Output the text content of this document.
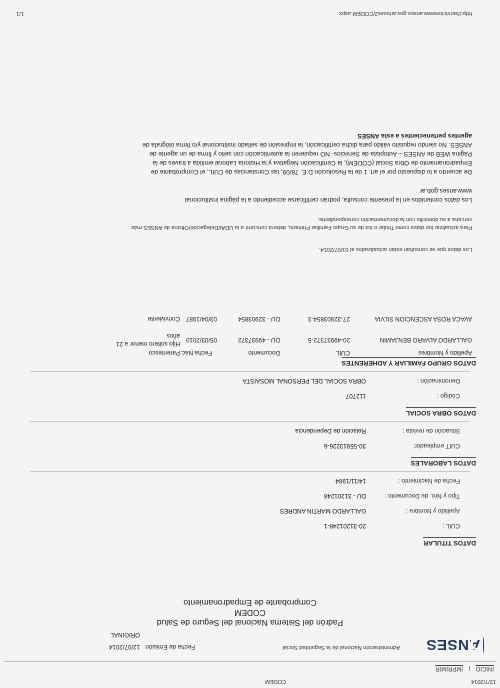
12/7/2014
CODEM
INICIO
|
IMPRIMIR
ANSES
Administración Nacional de la Seguridad Social
Fecha de Emisión
12/07/2014
ORIGINAL
Padrón del Sistema Nacional del Seguro de Salud
CODEM
Comprobante de Empadronamiento
DATOS TITULAR
CUIL :
20-31201248-1
Apellido y Nombre :
GALLARDO MARTIN ANDRES
Tipo y Nro. de Documento :
DU - 31201248
Fecha de Nacimiento :
14/11/1984
DATOS LABORALES
CUIT empleador:
30-55913226-6
Situación de revista :
Relación de Dependencia
DATOS OBRA SOCIAL
Código :
112707
Denominación :
OBRA SOCIAL DEL PERSONAL MOSAISTA
DATOS GRUPO FAMILIAR Y ADHERENTES
Apellido y Nombres
CUIL
Documento
Fecha Nac.
Parentesco
GALLARDO ALVARO BENJAMIN
20-49937372-5
DU - 49937372
05/03/2010
Hijo soltero menor a 21 años
AVACA ROSA ASCENCION SILVIA
27-32903854-3
DU - 32903854
03/04/1987
Conviviente
Los datos que se consultan están actualizados al 01/07/2014.
Para actualizar los datos como Titular o los de su Grupo Familiar Primario, deberá concurrir a la UDAI/Delegación/Oficina de ANSES más
cercana a su domicilio con la documentación correspondiente.
Los datos contenidos en la presente consulta, podrán certificarse accediendo a la página institucional
www.anses.gob.ar
De acuerdo a lo dispuesto por el art. 1 de la Resolución D.E. 78/09, las Constancias de CUIL, el Comprobante de
Empadronamiento de Obra Social (CODEM), la Certificación Negativa y la Historia Laboral emitida a través de la
Página WEB de ANSES – Autopista de Servicios- NO requieren la autenticación con sello y firma de un agente de
ANSES. No siendo requisito válido para dicha certificación, la impresión de sellado institucional y/o firma ológrafa de
agentes pertenecientes a esta ANSES
http://servicioswww.anses.gov.ar/ooss2/CODEM.aspx
1/1
